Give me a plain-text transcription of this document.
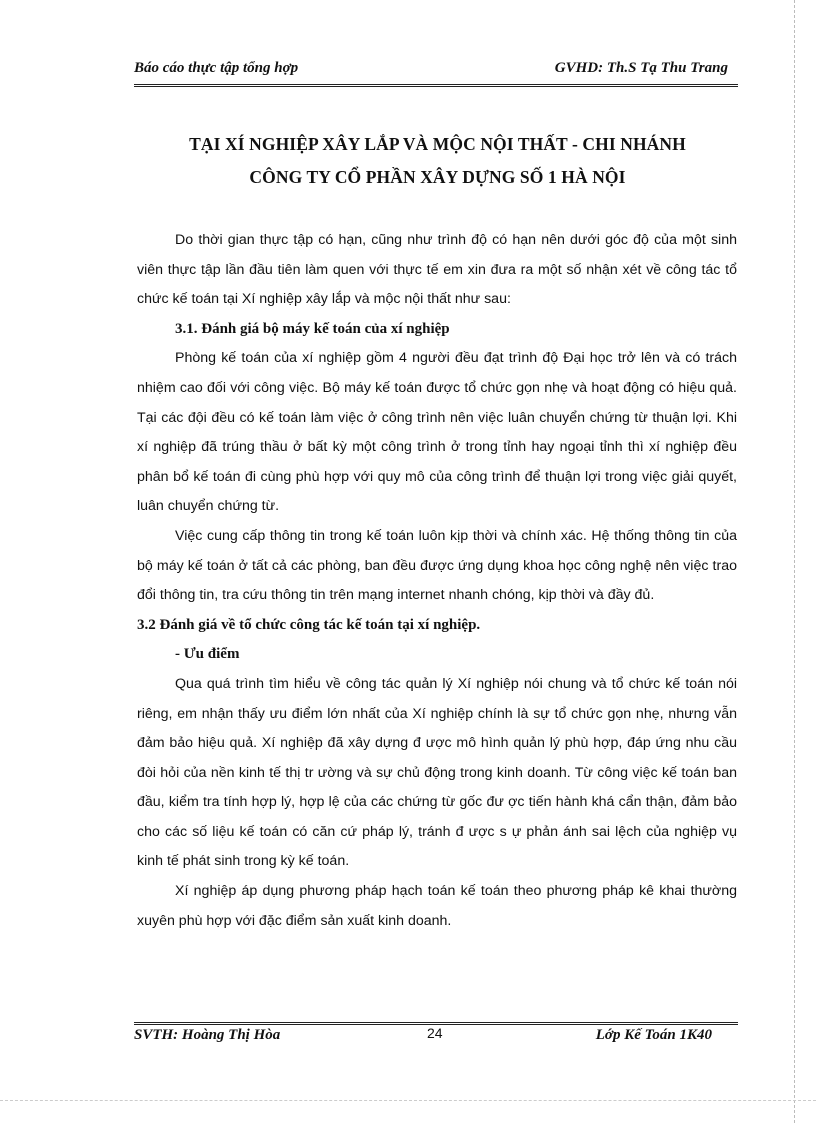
Báo cáo thực tập tổng hợp	GVHD: Th.S Tạ Thu Trang
TẠI XÍ NGHIỆP XÂY LẮP VÀ MỘC NỘI THẤT - CHI NHÁNH
CÔNG TY CỔ PHẦN XÂY DỰNG SỐ 1 HÀ NỘI

Do thời gian thực tập có hạn, cũng như trình độ có hạn nên dưới góc độ của một sinh viên thực tập lần đầu tiên làm quen với thực tế em xin đưa ra một số nhận xét về công tác tổ chức kế toán tại Xí nghiệp xây lắp và mộc nội thất như sau:

3.1. Đánh giá bộ máy kế toán của xí nghiệp

Phòng kế toán của xí nghiệp gồm 4 người đều đạt trình độ Đại học trở lên và có trách nhiệm cao đối với công việc. Bộ máy kế toán được tổ chức gọn nhẹ và hoạt động có hiệu quả. Tại các đội đều có kế toán làm việc ở công trình nên việc luân chuyển chứng từ thuận lợi. Khi xí nghiệp đã trúng thầu ở bất kỳ một công trình ở trong tỉnh hay ngoại tỉnh thì xí nghiệp đều phân bổ kế toán đi cùng phù hợp với quy mô của công trình để thuận lợi trong việc giải quyết, luân chuyển chứng từ.

Việc cung cấp thông tin trong kế toán luôn kịp thời và chính xác. Hệ thống thông tin của bộ máy kế toán ở tất cả các phòng, ban đều được ứng dụng khoa học công nghệ nên việc trao đổi thông tin, tra cứu thông tin trên mạng internet nhanh chóng, kịp thời và đầy đủ.

3.2 Đánh giá về tổ chức công tác kế toán tại xí nghiệp.

- Ưu điểm

Qua quá trình tìm hiểu về công tác quản lý Xí nghiệp nói chung và tổ chức kế toán nói riêng, em nhận thấy ưu điểm lớn nhất của Xí nghiệp chính là sự tổ chức gọn nhẹ, nhưng vẫn đảm bảo hiệu quả. Xí nghiệp đã xây dựng đ ược mô hình quản lý phù hợp, đáp ứng nhu cầu đòi hỏi của nền kinh tế thị tr ường và sự chủ động trong kinh doanh. Từ công việc kế toán ban đầu, kiểm tra tính hợp lý, hợp lệ của các chứng từ gốc đư ợc tiến hành khá cẩn thận, đảm bảo cho các số liệu kế toán có căn cứ pháp lý, tránh đ ược s ự phản ánh sai lệch của nghiệp vụ kinh tế phát sinh trong kỳ kế toán.

Xí nghiệp áp dụng phương pháp hạch toán kế toán theo phương pháp kê khai thường xuyên phù hợp với đặc điểm sản xuất kinh doanh.

SVTH: Hoàng Thị Hòa	24	Lớp Kế Toán 1K40
